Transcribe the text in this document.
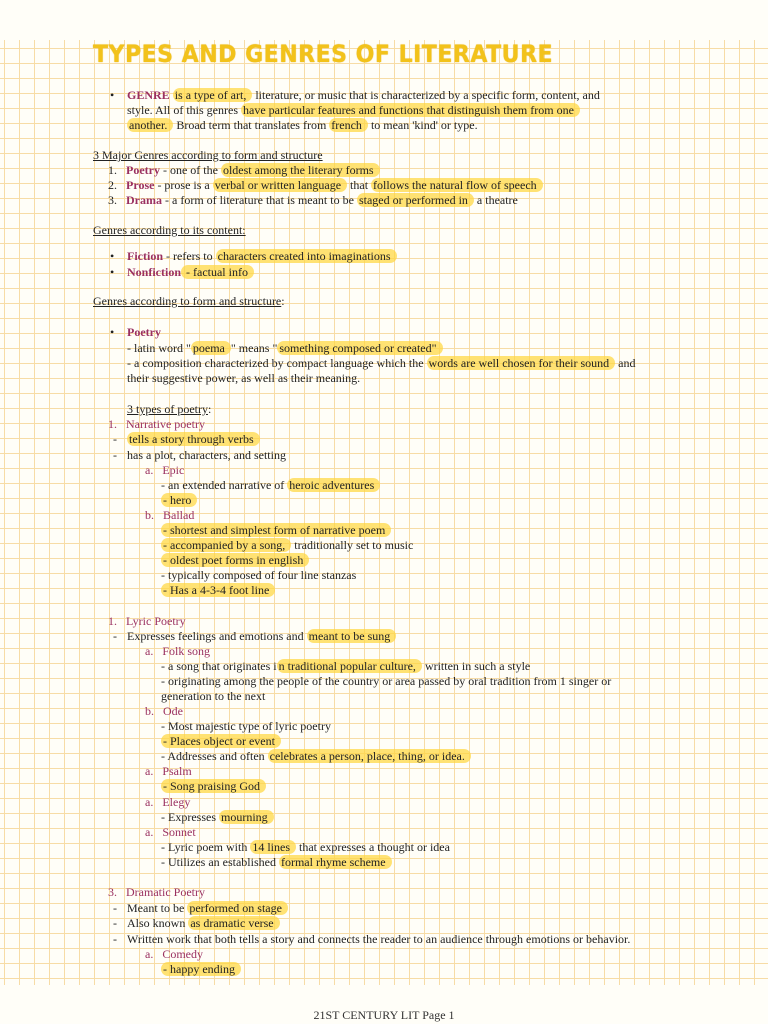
TYPES AND GENRES OF LITERATURE
• GENRE is a type of art, literature, or music that is characterized by a specific form, content, and
style. All of this genres have particular features and functions that distinguish them from one
another. Broad term that translates from french to mean 'kind' or type.
3 Major Genres according to form and structure
1. Poetry - one of the oldest among the literary forms
2. Prose - prose is a verbal or written language that follows the natural flow of speech
3. Drama - a form of literature that is meant to be staged or performed in a theatre
Genres according to its content:
• Fiction - refers to characters created into imaginations
• Nonfiction - factual info
Genres according to form and structure:
• Poetry
- latin word " poema " means " something composed or created"
- a composition characterized by compact language which the words are well chosen for their sound and
their suggestive power, as well as their meaning.
3 types of poetry:
1. Narrative poetry
- tells a story through verbs
- has a plot, characters, and setting
a. Epic
- an extended narrative of heroic adventures
- hero
b. Ballad
- shortest and simplest form of narrative poem
- accompanied by a song, traditionally set to music
- oldest poet forms in english
- typically composed of four line stanzas
- Has a 4-3-4 foot line
1. Lyric Poetry
- Expresses feelings and emotions and meant to be sung
a. Folk song
- a song that originates i n traditional popular culture, written in such a style
- originating among the people of the country or area passed by oral tradition from 1 singer or
generation to the next
b. Ode
- Most majestic type of lyric poetry
- Places object or event
- Addresses and often celebrates a person, place, thing, or idea.
a. Psalm
- Song praising God
a. Elegy
- Expresses mourning
a. Sonnet
- Lyric poem with 14 lines that expresses a thought or idea
- Utilizes an established formal rhyme scheme
3. Dramatic Poetry
- Meant to be performed on stage
- Also known as dramatic verse
- Written work that both tells a story and connects the reader to an audience through emotions or behavior.
a. Comedy
- happy ending
21ST CENTURY LIT Page 1
